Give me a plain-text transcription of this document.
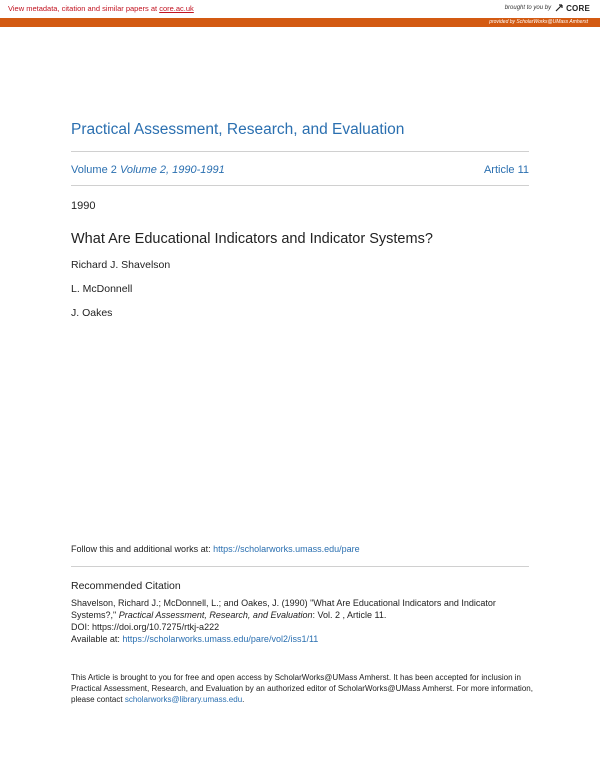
View metadata, citation and similar papers at core.ac.uk	brought to you by CORE
provided by ScholarWorks@UMass Amherst
Practical Assessment, Research, and Evaluation
Volume 2 Volume 2, 1990-1991	Article 11
1990
What Are Educational Indicators and Indicator Systems?
Richard J. Shavelson
L. McDonnell
J. Oakes
Follow this and additional works at: https://scholarworks.umass.edu/pare
Recommended Citation
Shavelson, Richard J.; McDonnell, L.; and Oakes, J. (1990) "What Are Educational Indicators and Indicator Systems?," Practical Assessment, Research, and Evaluation: Vol. 2 , Article 11.
DOI: https://doi.org/10.7275/rtkj-a222
Available at: https://scholarworks.umass.edu/pare/vol2/iss1/11
This Article is brought to you for free and open access by ScholarWorks@UMass Amherst. It has been accepted for inclusion in Practical Assessment, Research, and Evaluation by an authorized editor of ScholarWorks@UMass Amherst. For more information, please contact scholarworks@library.umass.edu.
